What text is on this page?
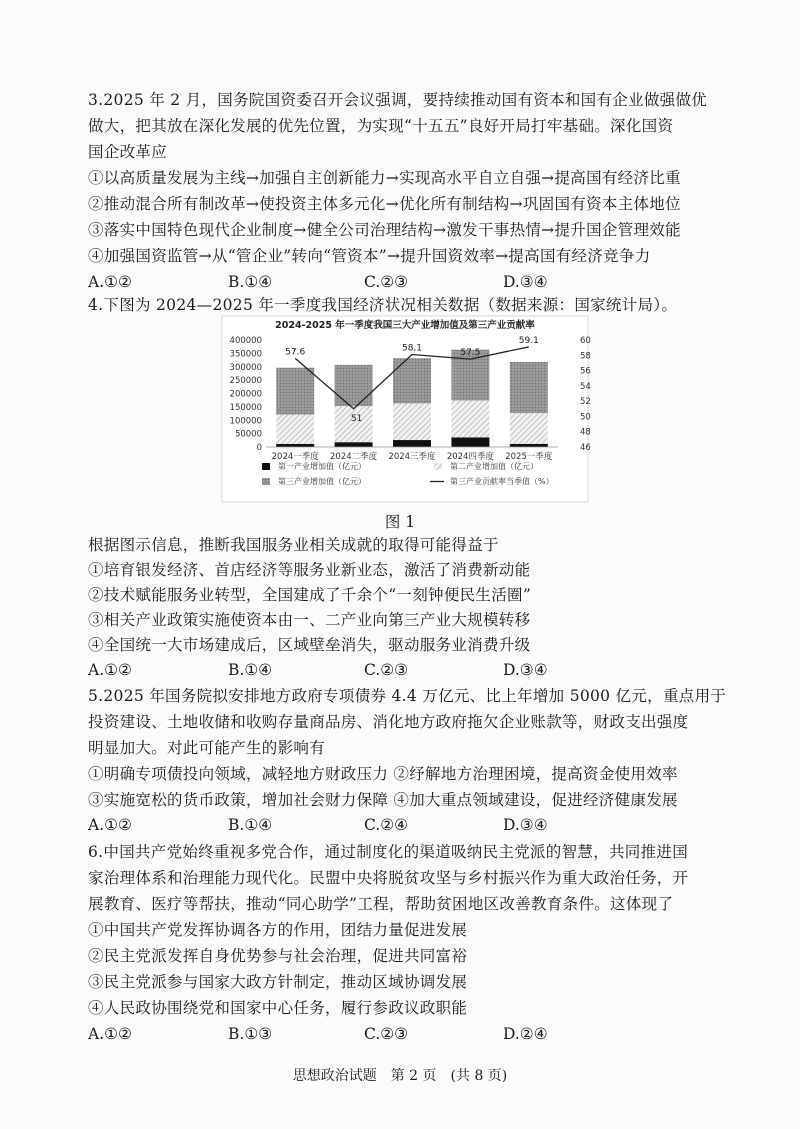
3.2025 年 2 月，国务院国资委召开会议强调，要持续推动国有资本和国有企业做强做优
做大，把其放在深化发展的优先位置，为实现“十五五”良好开局打牢基础。深化国资
国企改革应
①以高质量发展为主线→加强自主创新能力→实现高水平自立自强→提高国有经济比重
②推动混合所有制改革→使投资主体多元化→优化所有制结构→巩固国有资本主体地位
③落实中国特色现代企业制度→健全公司治理结构→激发干事热情→提升国企管理效能
④加强国资监管→从“管企业”转向“管资本”→提升国资效率→提高国有经济竞争力
A.①②	B.①④	C.②③	D.③④
4.下图为 2024—2025 年一季度我国经济状况相关数据（数据来源：国家统计局）。
2024-2025 年一季度我国三大产业增加值及第三产业贡献率
400000
350000
300000
250000
200000
150000
100000
50000
0
60
58
56
54
52
50
48
46
2024一季度 2024二季度 2024三季度 2024四季度 2025一季度
57.6
51
58.1	57.5
59.1
第一产业增加值（亿元）	第二产业增加值（亿元）
第三产业增加值（亿元）	第三产业贡献率当季值（%）
图 1
根据图示信息，推断我国服务业相关成就的取得可能得益于
①培育银发经济、首店经济等服务业新业态，激活了消费新动能
②技术赋能服务业转型，全国建成了千余个“一刻钟便民生活圈”
③相关产业政策实施使资本由一、二产业向第三产业大规模转移
④全国统一大市场建成后，区域壁垒消失，驱动服务业消费升级
A.①②	B.①④	C.②③	D.③④
5.2025 年国务院拟安排地方政府专项债券 4.4 万亿元、比上年增加 5000 亿元，重点用于
投资建设、土地收储和收购存量商品房、消化地方政府拖欠企业账款等，财政支出强度
明显加大。对此可能产生的影响有
①明确专项债投向领域，减轻地方财政压力 ②纾解地方治理困境，提高资金使用效率
③实施宽松的货币政策，增加社会财力保障 ④加大重点领域建设，促进经济健康发展
A.①②	B.①④	C.②④	D.③④
6.中国共产党始终重视多党合作，通过制度化的渠道吸纳民主党派的智慧，共同推进国
家治理体系和治理能力现代化。民盟中央将脱贫攻坚与乡村振兴作为重大政治任务，开
展教育、医疗等帮扶，推动“同心助学”工程，帮助贫困地区改善教育条件。这体现了
①中国共产党发挥协调各方的作用，团结力量促进发展
②民主党派发挥自身优势参与社会治理，促进共同富裕
③民主党派参与国家大政方针制定，推动区域协调发展
④人民政协围绕党和国家中心任务，履行参政议政职能
A.①②	B.①③	C.②③	D.②④
思想政治试题　第 2 页　(共 8 页)
